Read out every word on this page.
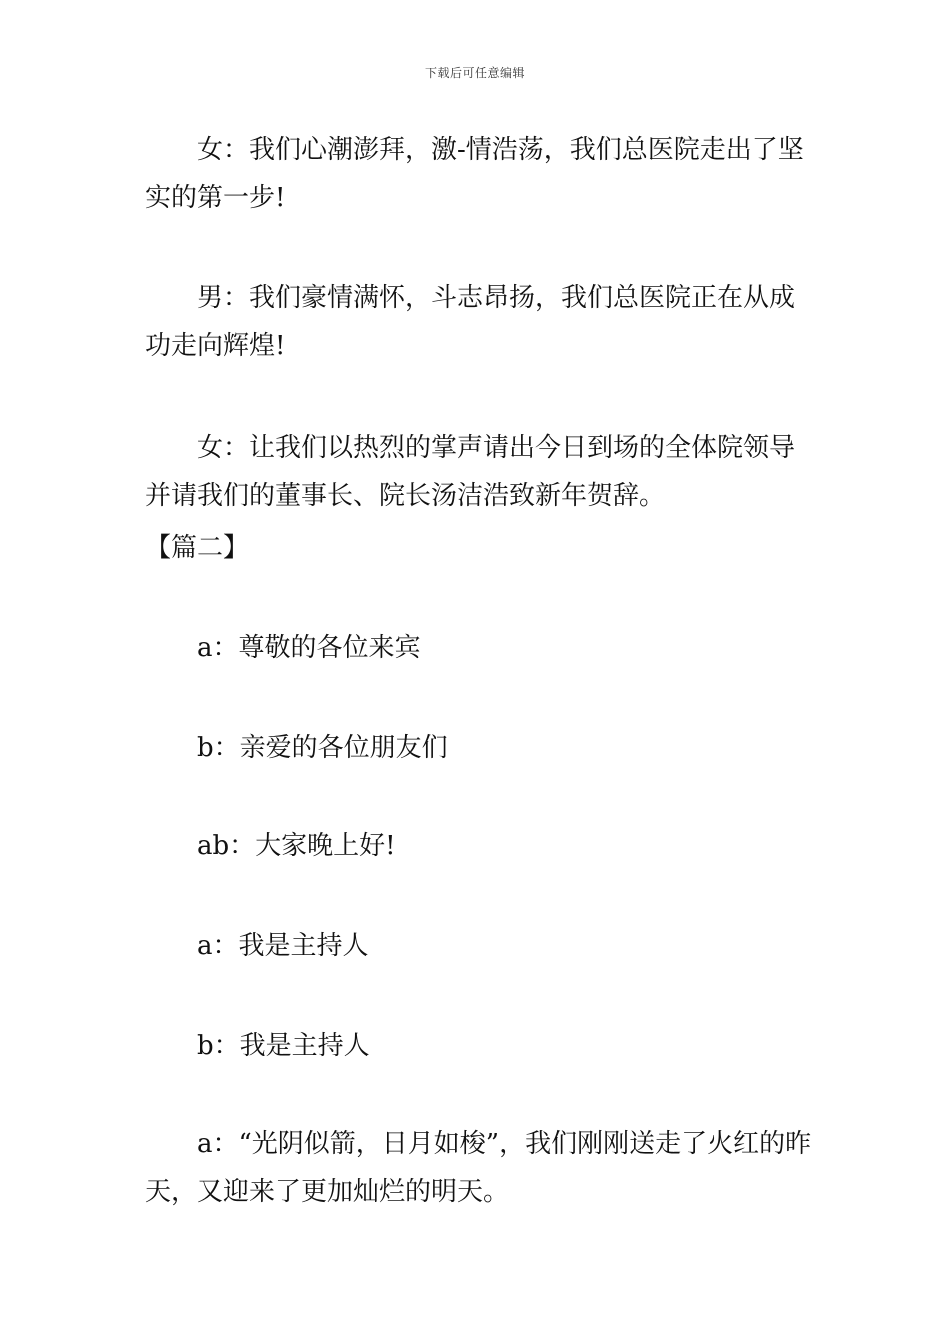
下载后可任意编辑

女：我们心潮澎拜，激-情浩荡，我们总医院走出了坚实的第一步!

男：我们豪情满怀，斗志昂扬，我们总医院正在从成功走向辉煌!

女：让我们以热烈的掌声请出今日到场的全体院领导并请我们的董事长、院长汤洁浩致新年贺辞。

【篇二】

a：尊敬的各位来宾

b：亲爱的各位朋友们

ab：大家晚上好!

a：我是主持人

b：我是主持人

a：“光阴似箭，日月如梭”，我们刚刚送走了火红的昨天，又迎来了更加灿烂的明天。
